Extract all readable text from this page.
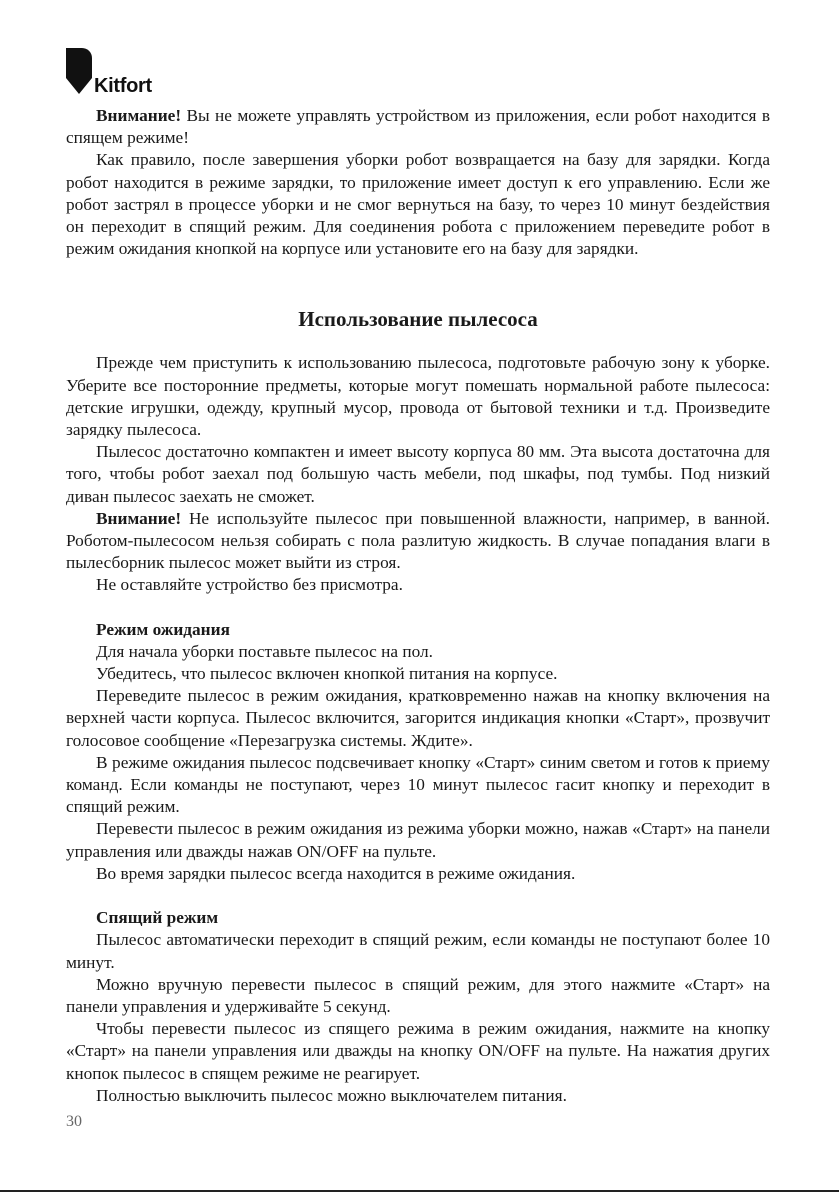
Kitfort

Внимание! Вы не можете управлять устройством из приложения, если робот находится в спящем режиме!

Как правило, после завершения уборки робот возвращается на базу для зарядки. Когда робот находится в режиме зарядки, то приложение имеет доступ к его управлению. Если же робот застрял в процессе уборки и не смог вернуться на базу, то через 10 минут бездействия он переходит в спящий режим. Для соединения робота с приложением переведите робот в режим ожидания кнопкой на корпусе или установите его на базу для зарядки.

Использование пылесоса

Прежде чем приступить к использованию пылесоса, подготовьте рабочую зону к уборке. Уберите все посторонние предметы, которые могут помешать нормальной работе пылесоса: детские игрушки, одежду, крупный мусор, провода от бытовой техники и т.д. Произведите зарядку пылесоса.

Пылесос достаточно компактен и имеет высоту корпуса 80 мм. Эта высота достаточна для того, чтобы робот заехал под большую часть мебели, под шкафы, под тумбы. Под низкий диван пылесос заехать не сможет.

Внимание! Не используйте пылесос при повышенной влажности, например, в ванной. Роботом-пылесосом нельзя собирать с пола разлитую жидкость. В случае попадания влаги в пылесборник пылесос может выйти из строя.

Не оставляйте устройство без присмотра.

Режим ожидания

Для начала уборки поставьте пылесос на пол.

Убедитесь, что пылесос включен кнопкой питания на корпусе.

Переведите пылесос в режим ожидания, кратковременно нажав на кнопку включения на верхней части корпуса. Пылесос включится, загорится индикация кнопки «Старт», прозвучит голосовое сообщение «Перезагрузка системы. Ждите».

В режиме ожидания пылесос подсвечивает кнопку «Старт» синим светом и готов к приему команд. Если команды не поступают, через 10 минут пылесос гасит кнопку и переходит в спящий режим.

Перевести пылесос в режим ожидания из режима уборки можно, нажав «Старт» на панели управления или дважды нажав ON/OFF на пульте.

Во время зарядки пылесос всегда находится в режиме ожидания.

Спящий режим

Пылесос автоматически переходит в спящий режим, если команды не поступают более 10 минут.

Можно вручную перевести пылесос в спящий режим, для этого нажмите «Старт» на панели управления и удерживайте 5 секунд.

Чтобы перевести пылесос из спящего режима в режим ожидания, нажмите на кнопку «Старт» на панели управления или дважды на кнопку ON/OFF на пульте. На нажатия других кнопок пылесос в спящем режиме не реагирует.

Полностью выключить пылесос можно выключателем питания.

30
